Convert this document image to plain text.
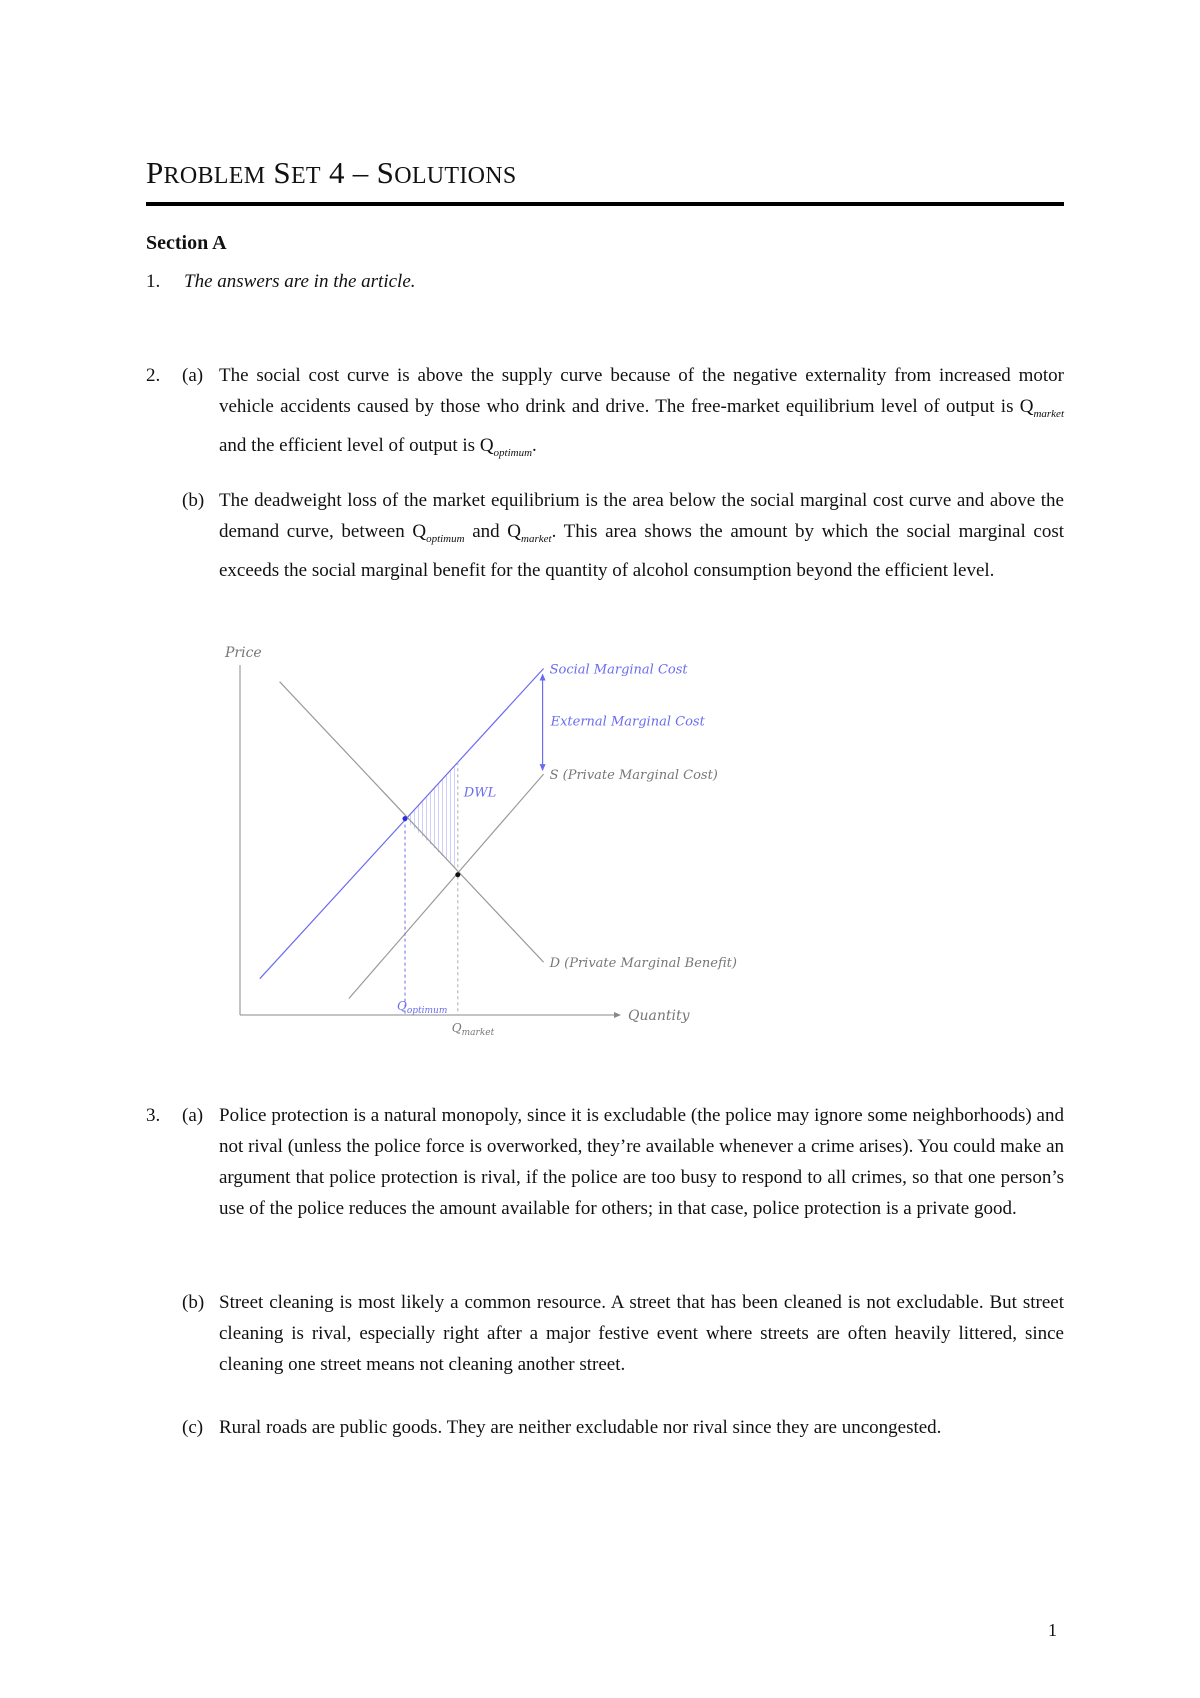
PROBLEM SET 4 – SOLUTIONS
Section A
1. The answers are in the article.
2. (a) The social cost curve is above the supply curve because of the negative externality from increased motor vehicle accidents caused by those who drink and drive. The free-market equilibrium level of output is $Q_{market}$ and the efficient level of output is $Q_{optimum}$.
(b) The deadweight loss of the market equilibrium is the area below the social marginal cost curve and above the demand curve, between $Q_{optimum}$ and $Q_{market}$. This area shows the amount by which the social marginal cost exceeds the social marginal benefit for the quantity of alcohol consumption beyond the efficient level.
Price
Quantity
Social Marginal Cost
S (Private Marginal Cost)
D (Private Marginal Benefit)
External Marginal Cost
DWL
$Q_{optimum}$
$Q_{market}$
3. (a) Police protection is a natural monopoly, since it is excludable (the police may ignore some neighborhoods) and not rival (unless the police force is overworked, they’re available whenever a crime arises). You could make an argument that police protection is rival, if the police are too busy to respond to all crimes, so that one person’s use of the police reduces the amount available for others; in that case, police protection is a private good.
(b) Street cleaning is most likely a common resource. A street that has been cleaned is not excludable. But street cleaning is rival, especially right after a major festive event where streets are often heavily littered, since cleaning one street means not cleaning another street.
(c) Rural roads are public goods. They are neither excludable nor rival since they are uncongested.
1
